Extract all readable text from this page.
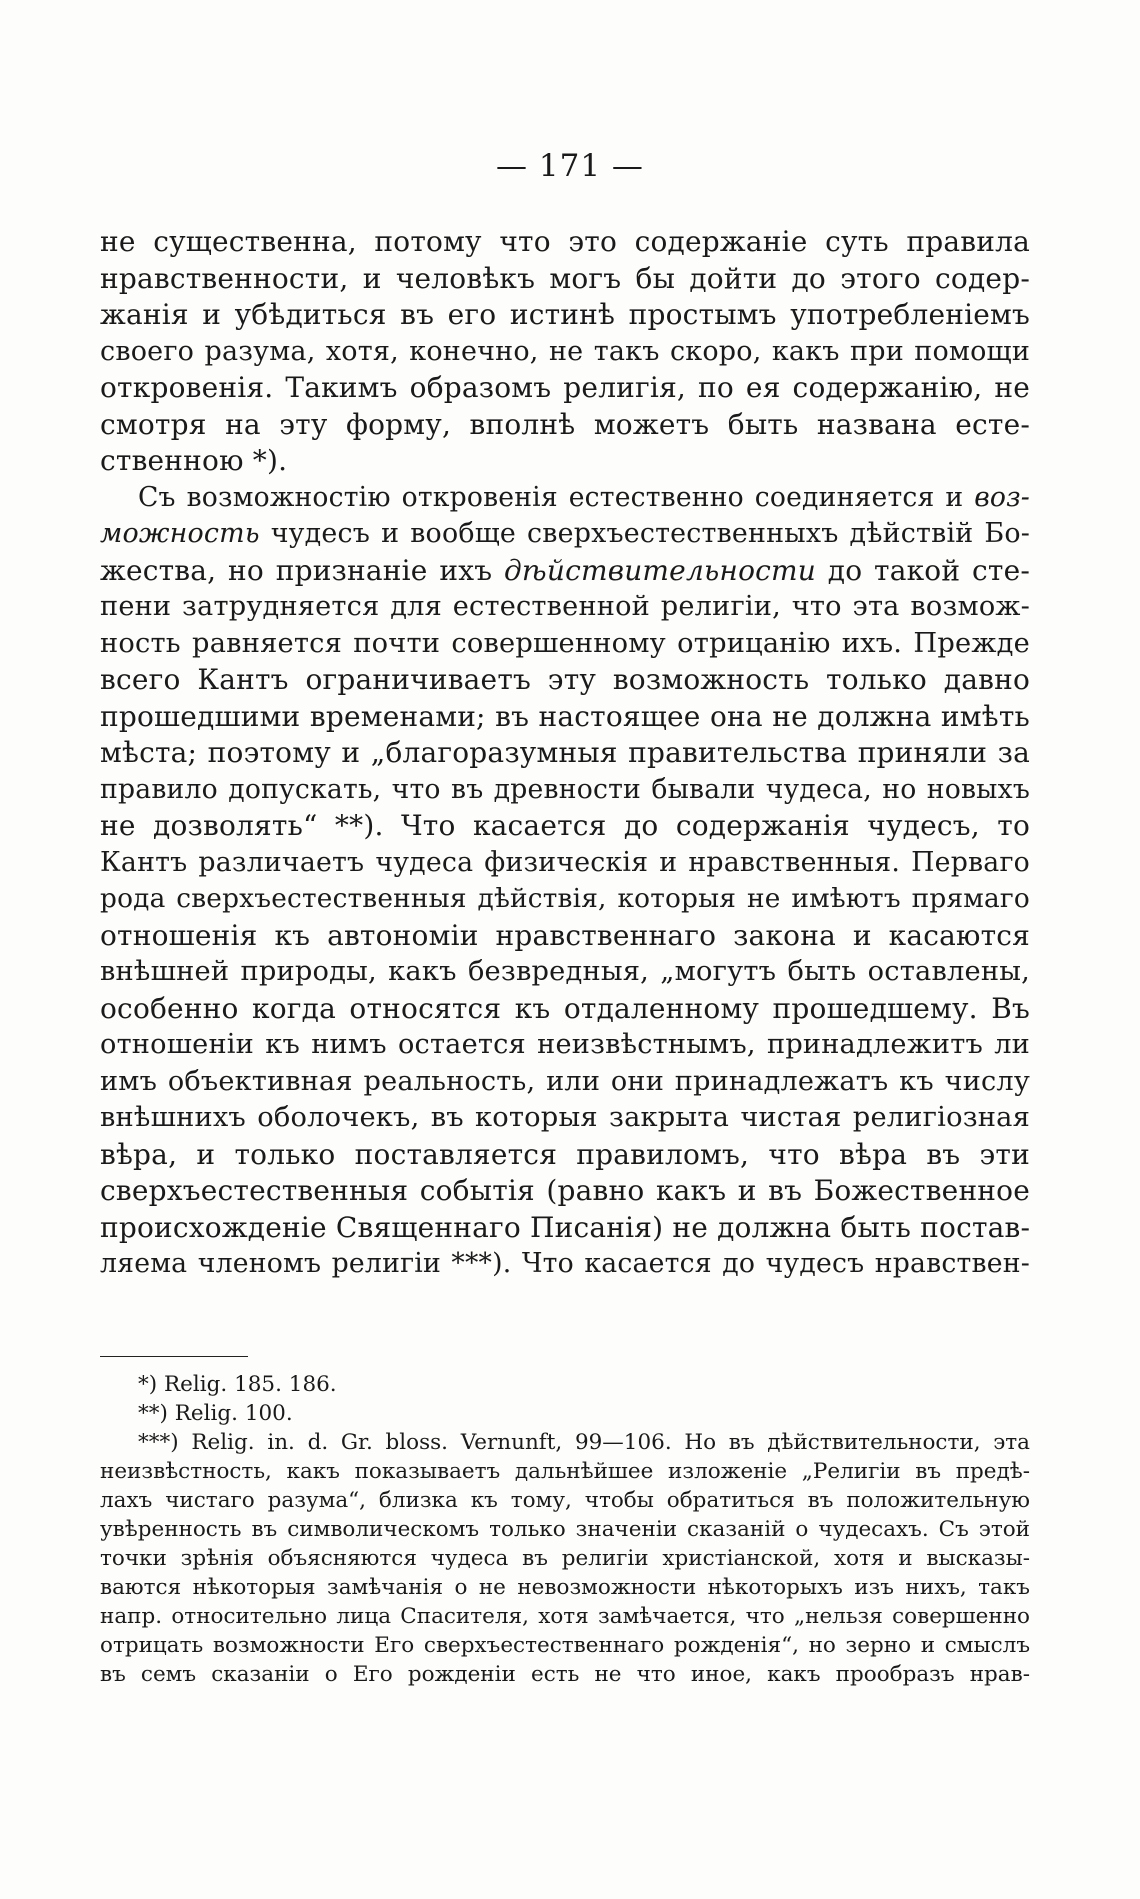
— 171 —
не существенна, потому что это содержаніе суть правила
нравственности, и человѣкъ могъ бы дойти до этого содер-
жанія и убѣдиться въ его истинѣ простымъ употребленіемъ
своего разума, хотя, конечно, не такъ скоро, какъ при помощи
откровенія. Такимъ образомъ религія, по ея содержанію, не
смотря на эту форму, вполнѣ можетъ быть названа есте-
ственною *).
Съ возможностію откровенія естественно соединяется и воз-
можность чудесъ и вообще сверхъестественныхъ дѣйствій Бо-
жества, но признаніе ихъ дѣйствительности до такой сте-
пени затрудняется для естественной религіи, что эта возмож-
ность равняется почти совершенному отрицанію ихъ. Прежде
всего Кантъ ограничиваетъ эту возможность только давно
прошедшими временами; въ настоящее она не должна имѣть
мѣста; поэтому и „благоразумныя правительства приняли за
правило допускать, что въ древности бывали чудеса, но новыхъ
не дозволять“ **). Что касается до содержанія чудесъ, то
Кантъ различаетъ чудеса физическія и нравственныя. Перваго
рода сверхъестественныя дѣйствія, которыя не имѣютъ прямаго
отношенія къ автономіи нравственнаго закона и касаются
внѣшней природы, какъ безвредныя, „могутъ быть оставлены,
особенно когда относятся къ отдаленному прошедшему. Въ
отношеніи къ нимъ остается неизвѣстнымъ, принадлежитъ ли
имъ объективная реальность, или они принадлежатъ къ числу
внѣшнихъ оболочекъ, въ которыя закрыта чистая религіозная
вѣра, и только поставляется правиломъ, что вѣра въ эти
сверхъестественныя событія (равно какъ и въ Божественное
происхожденіе Священнаго Писанія) не должна быть постав-
ляема членомъ религіи ***). Что касается до чудесъ нравствен-
*) Relig. 185. 186.
**) Relig. 100.
***) Relig. in. d. Gr. bloss. Vernunft, 99—106. Но въ дѣйствительности, эта
неизвѣстность, какъ показываетъ дальнѣйшее изложеніе „Религіи въ предѣ-
лахъ чистаго разума“, близка къ тому, чтобы обратиться въ положительную
увѣренность въ символическомъ только значеніи сказаній о чудесахъ. Съ этой
точки зрѣнія объясняются чудеса въ религіи христіанской, хотя и высказы-
ваются нѣкоторыя замѣчанія о не невозможности нѣкоторыхъ изъ нихъ, такъ
напр. относительно лица Спасителя, хотя замѣчается, что „нельзя совершенно
отрицать возможности Его сверхъестественнаго рожденія“, но зерно и смыслъ
въ семъ сказаніи о Его рожденіи есть не что иное, какъ прообразъ нрав-
